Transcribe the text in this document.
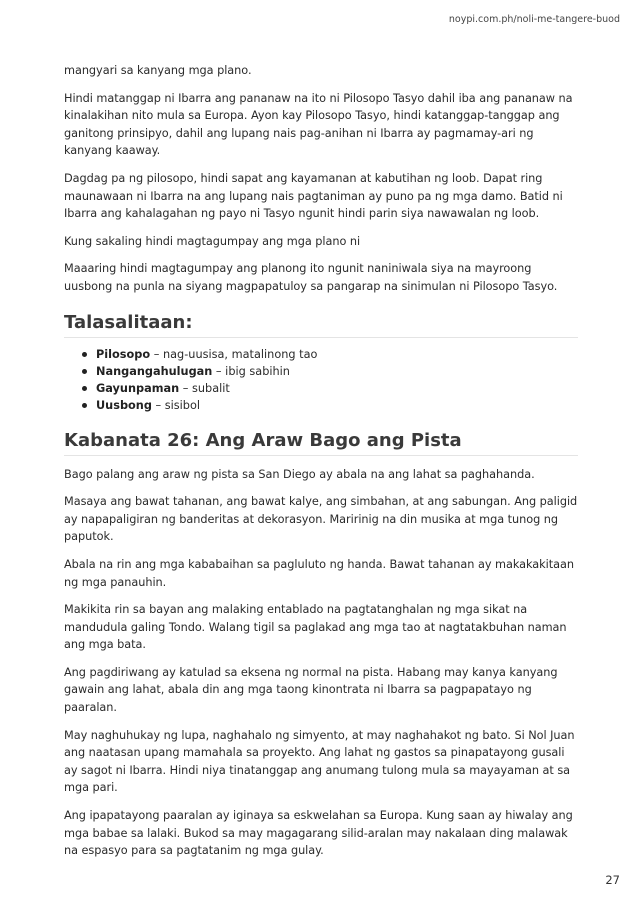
noypi.com.ph/noli-me-tangere-buod

mangyari sa kanyang mga plano.

Hindi matanggap ni Ibarra ang pananaw na ito ni Pilosopo Tasyo dahil iba ang pananaw na kinalakihan nito mula sa Europa. Ayon kay Pilosopo Tasyo, hindi katanggap-tanggap ang ganitong prinsipyo, dahil ang lupang nais pag-anihan ni Ibarra ay pagmamay-ari ng kanyang kaaway.

Dagdag pa ng pilosopo, hindi sapat ang kayamanan at kabutihan ng loob. Dapat ring maunawaan ni Ibarra na ang lupang nais pagtaniman ay puno pa ng mga damo. Batid ni Ibarra ang kahalagahan ng payo ni Tasyo ngunit hindi parin siya nawawalan ng loob.

Kung sakaling hindi magtagumpay ang mga plano ni

Maaaring hindi magtagumpay ang planong ito ngunit naniniwala siya na mayroong uusbong na punla na siyang magpapatuloy sa pangarap na sinimulan ni Pilosopo Tasyo.

Talasalitaan:
Pilosopo – nag-uusisa, matalinong tao
Nangangahulugan – ibig sabihin
Gayunpaman – subalit
Uusbong – sisibol
Kabanata 26: Ang Araw Bago ang Pista

Bago palang ang araw ng pista sa San Diego ay abala na ang lahat sa paghahanda.

Masaya ang bawat tahanan, ang bawat kalye, ang simbahan, at ang sabungan. Ang paligid ay napapaligiran ng banderitas at dekorasyon. Maririnig na din musika at mga tunog ng paputok.

Abala na rin ang mga kababaihan sa pagluluto ng handa. Bawat tahanan ay makakakitaan ng mga panauhin.

Makikita rin sa bayan ang malaking entablado na pagtatanghalan ng mga sikat na mandudula galing Tondo. Walang tigil sa paglakad ang mga tao at nagtatakbuhan naman ang mga bata.

Ang pagdiriwang ay katulad sa eksena ng normal na pista. Habang may kanya kanyang gawain ang lahat, abala din ang mga taong kinontrata ni Ibarra sa pagpapatayo ng paaralan.

May naghuhukay ng lupa, naghahalo ng simyento, at may naghahakot ng bato. Si Nol Juan ang naatasan upang mamahala sa proyekto. Ang lahat ng gastos sa pinapatayong gusali ay sagot ni Ibarra. Hindi niya tinatanggap ang anumang tulong mula sa mayayaman at sa mga pari.

Ang ipapatayong paaralan ay iginaya sa eskwelahan sa Europa. Kung saan ay hiwalay ang mga babae sa lalaki. Bukod sa may magagarang silid-aralan may nakalaan ding malawak na espasyo para sa pagtatanim ng mga gulay.

27
